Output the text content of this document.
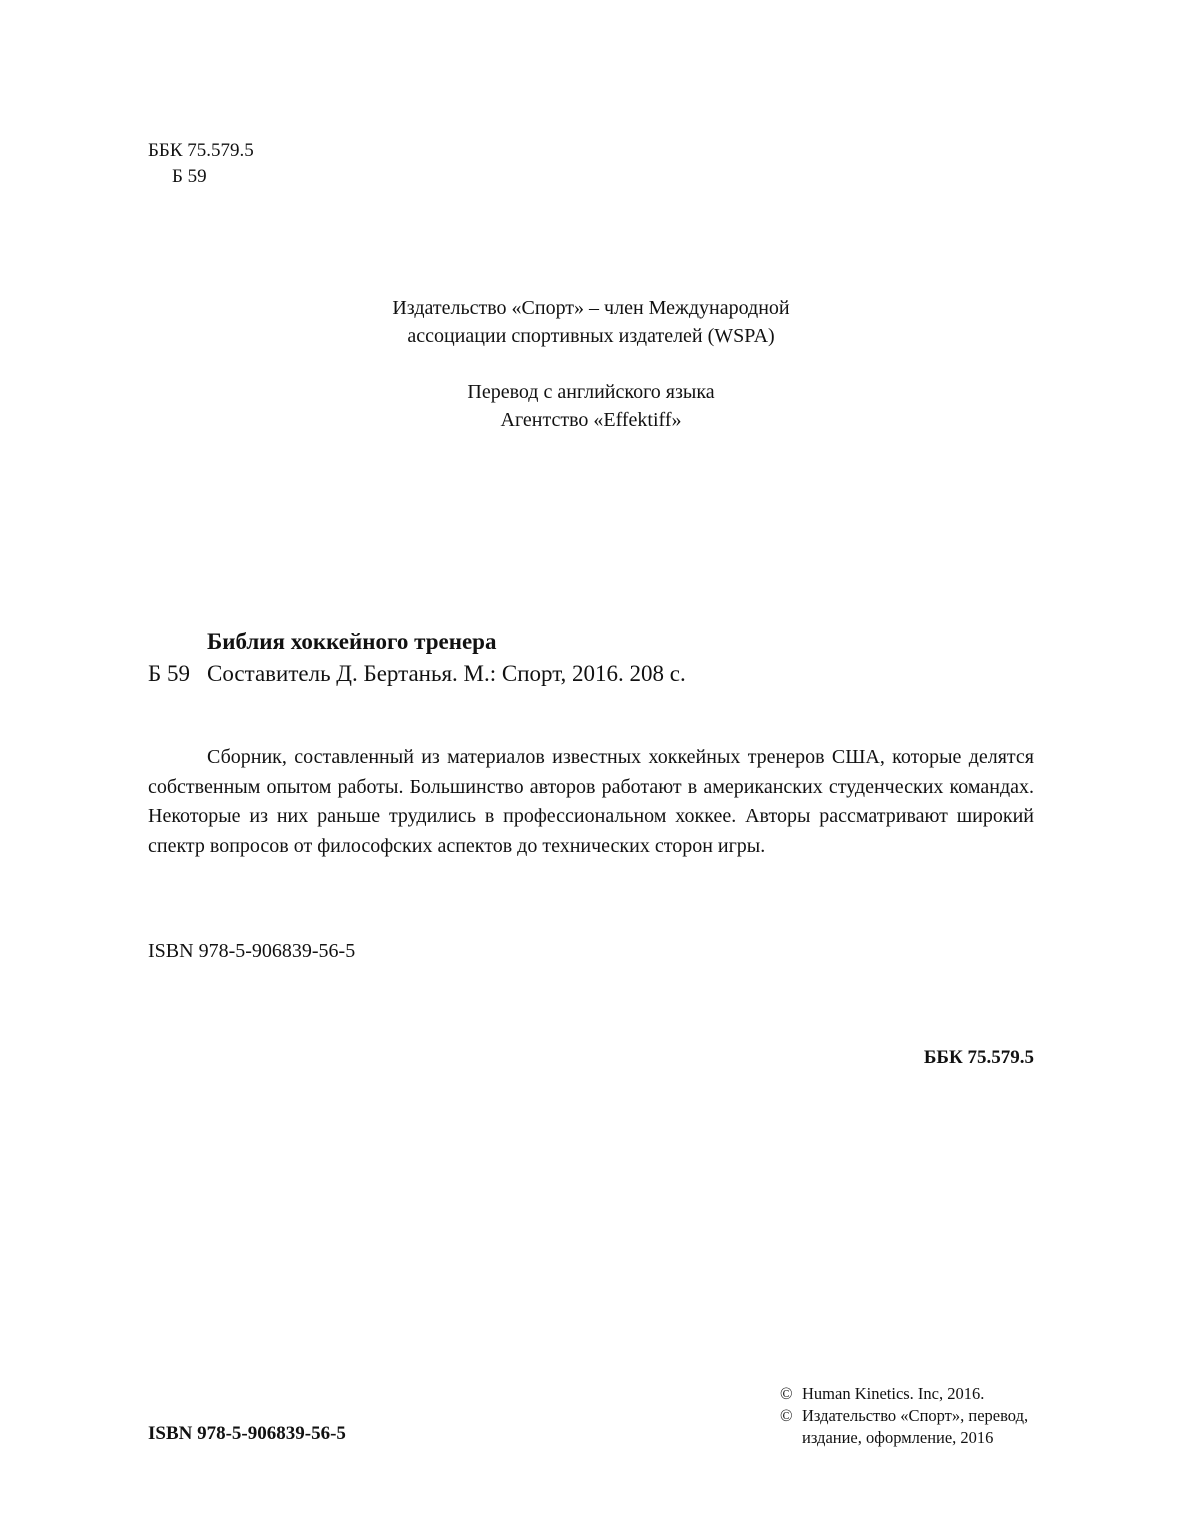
ББК 75.579.5
Б 59
Издательство «Спорт» – член Международной
ассоциации спортивных издателей (WSPA)
Перевод с английского языка
Агентство «Effektiff»
Библия хоккейного тренера
Б 59 Составитель Д. Бертанья. М.: Спорт, 2016. 208 с.

Сборник, составленный из материалов известных хоккейных тренеров США, которые делятся собственным опытом работы. Большинство авторов работают в американских студенческих командах. Некоторые из них раньше трудились в профессиональном хоккее. Авторы рассматривают широкий спектр вопросов от философских аспектов до технических сторон игры.

ISBN 978-5-906839-56-5
ББК 75.579.5
ISBN 978-5-906839-56-5
© Human Kinetics. Inc, 2016.
© Издательство «Спорт», перевод,
издание, оформление, 2016
